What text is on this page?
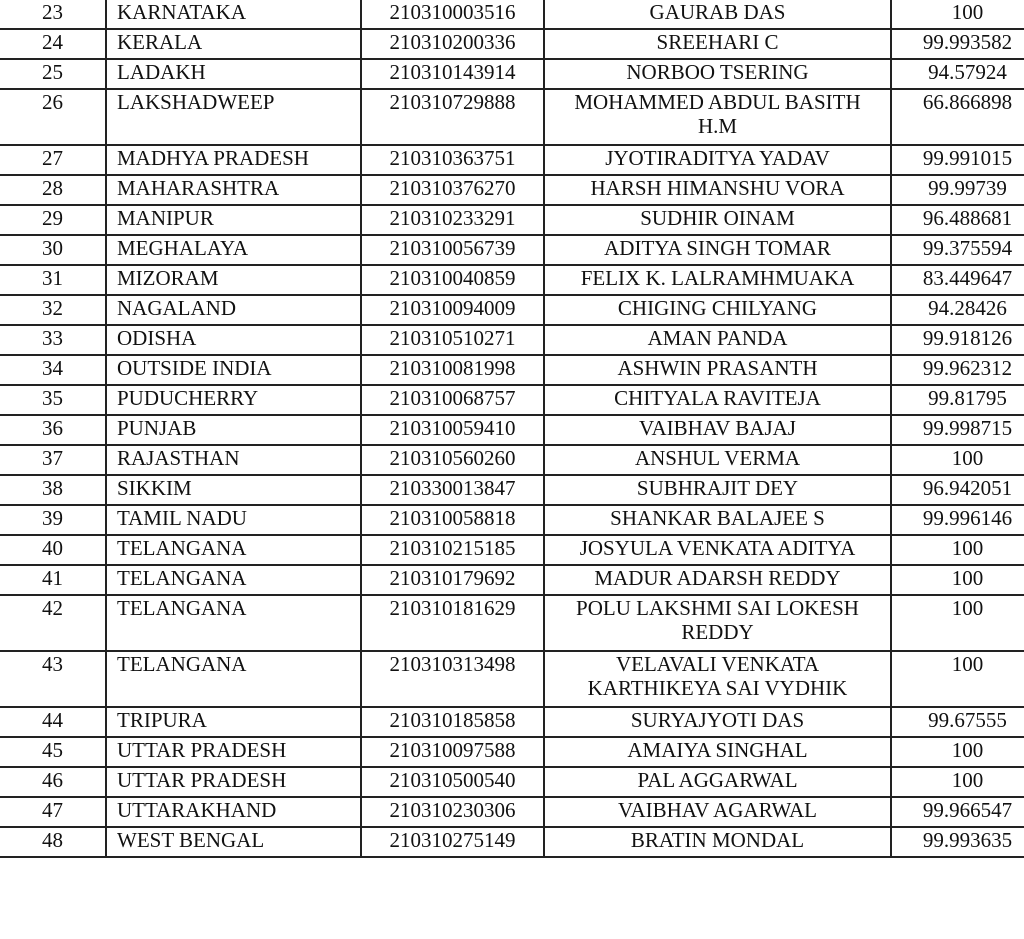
23	KARNATAKA	210310003516	GAURAB DAS	100
24	KERALA	210310200336	SREEHARI C	99.993582
25	LADAKH	210310143914	NORBOO TSERING	94.57924
26	LAKSHADWEEP	210310729888	MOHAMMED ABDUL BASITH H.M	66.866898
27	MADHYA PRADESH	210310363751	JYOTIRADITYA YADAV	99.991015
28	MAHARASHTRA	210310376270	HARSH HIMANSHU VORA	99.99739
29	MANIPUR	210310233291	SUDHIR OINAM	96.488681
30	MEGHALAYA	210310056739	ADITYA SINGH TOMAR	99.375594
31	MIZORAM	210310040859	FELIX K. LALRAMHMUAKA	83.449647
32	NAGALAND	210310094009	CHIGING CHILYANG	94.28426
33	ODISHA	210310510271	AMAN PANDA	99.918126
34	OUTSIDE INDIA	210310081998	ASHWIN PRASANTH	99.962312
35	PUDUCHERRY	210310068757	CHITYALA RAVITEJA	99.81795
36	PUNJAB	210310059410	VAIBHAV BAJAJ	99.998715
37	RAJASTHAN	210310560260	ANSHUL VERMA	100
38	SIKKIM	210330013847	SUBHRAJIT DEY	96.942051
39	TAMIL NADU	210310058818	SHANKAR BALAJEE S	99.996146
40	TELANGANA	210310215185	JOSYULA VENKATA ADITYA	100
41	TELANGANA	210310179692	MADUR ADARSH REDDY	100
42	TELANGANA	210310181629	POLU LAKSHMI SAI LOKESH REDDY	100
43	TELANGANA	210310313498	VELAVALI VENKATA KARTHIKEYA SAI VYDHIK	100
44	TRIPURA	210310185858	SURYAJYOTI DAS	99.67555
45	UTTAR PRADESH	210310097588	AMAIYA SINGHAL	100
46	UTTAR PRADESH	210310500540	PAL AGGARWAL	100
47	UTTARAKHAND	210310230306	VAIBHAV AGARWAL	99.966547
48	WEST BENGAL	210310275149	BRATIN MONDAL	99.993635
